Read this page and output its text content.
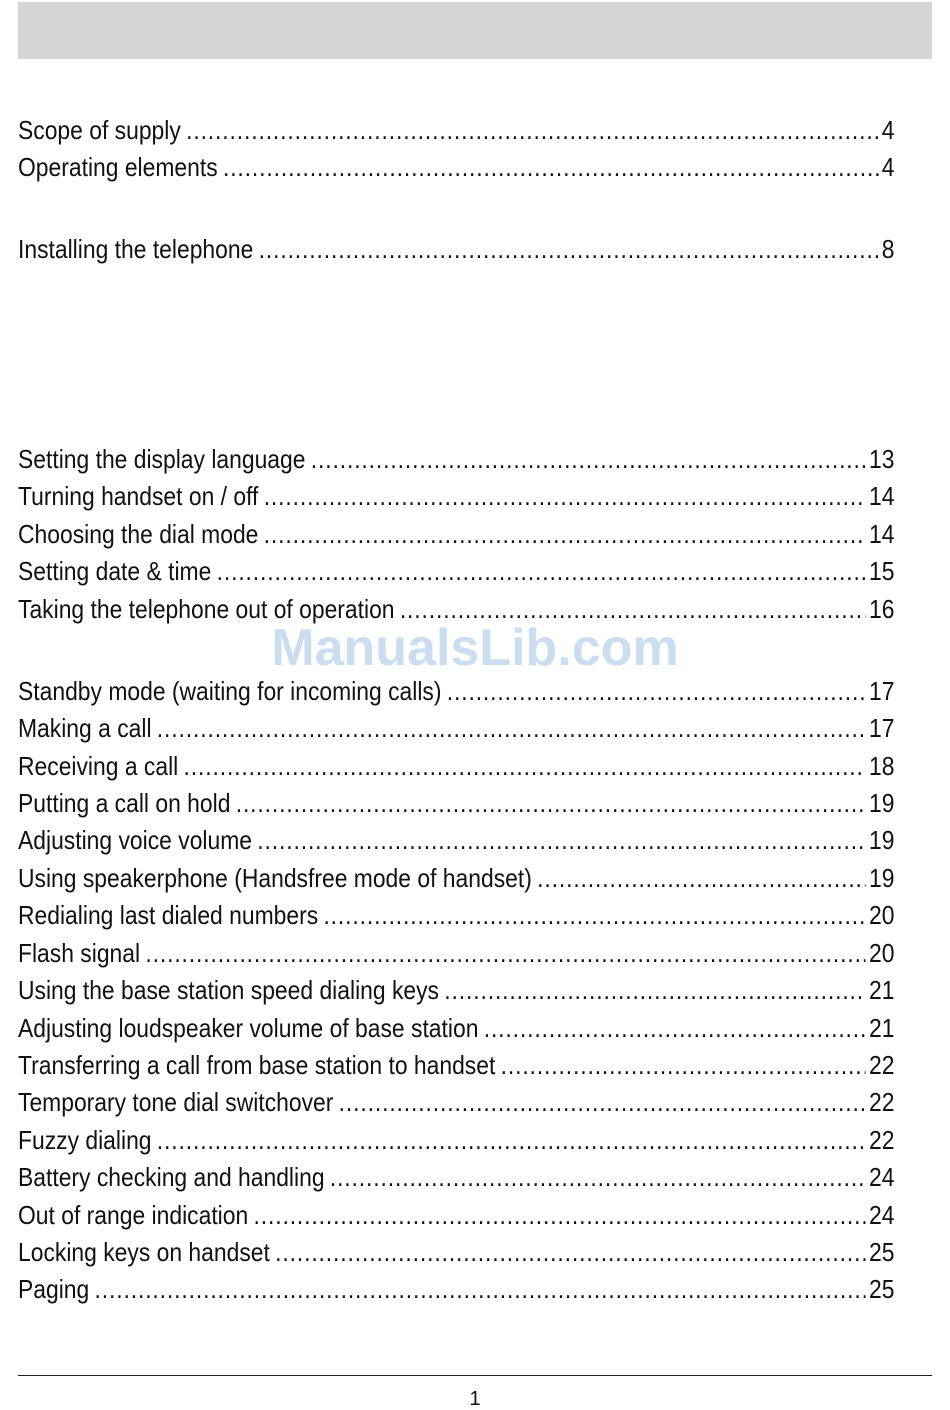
Scope of supply .....	4
Operating elements .....	4
Installing the telephone .....	8
Setting the display language .....	13
Turning handset on / off .....	14
Choosing the dial mode .....	14
Setting date & time .....	15
Taking the telephone out of operation .....	16
Standby mode (waiting for incoming calls) .....	17
Making a call .....	17
Receiving a call .....	18
Putting a call on hold .....	19
Adjusting voice volume .....	19
Using speakerphone (Handsfree mode of handset) .....	19
Redialing last dialed numbers .....	20
Flash signal .....	20
Using the base station speed dialing keys .....	21
Adjusting loudspeaker volume of base station .....	21
Transferring a call from base station to handset .....	22
Temporary tone dial switchover .....	22
Fuzzy dialing .....	22
Battery checking and handling .....	24
Out of range indication .....	24
Locking keys on handset .....	25
Paging .....	25
ManualsLib.com
1
